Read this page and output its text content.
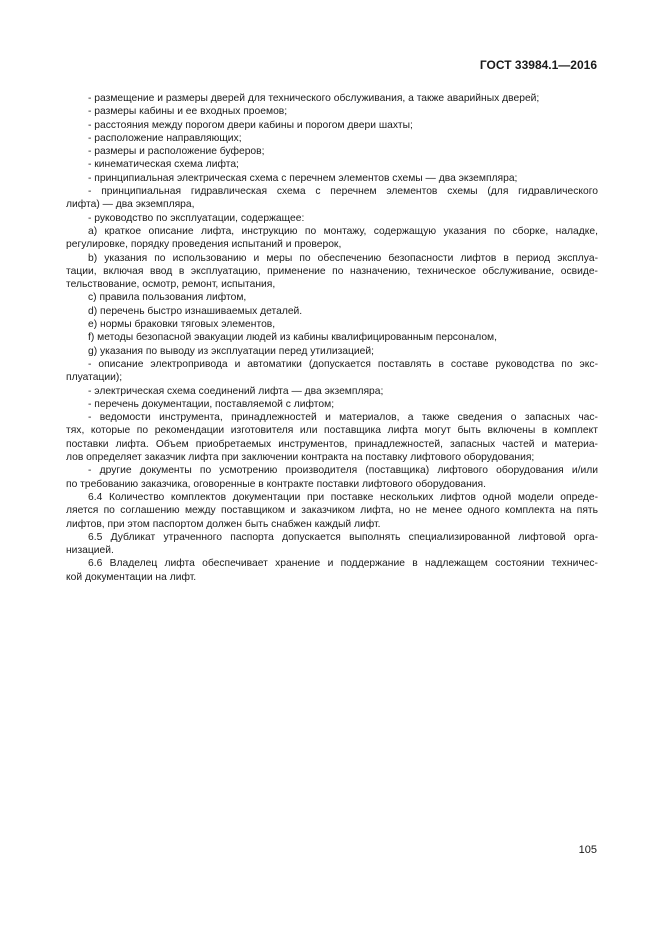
ГОСТ 33984.1—2016
- размещение и размеры дверей для технического обслуживания, а также аварийных дверей;
- размеры кабины и ее входных проемов;
- расстояния между порогом двери кабины и порогом двери шахты;
- расположение направляющих;
- размеры и расположение буферов;
- кинематическая схема лифта;
- принципиальная электрическая схема с перечнем элементов схемы — два экземпляра;
- принципиальная гидравлическая схема с перечнем элементов схемы (для гидравлического
лифта) — два экземпляра,
- руководство по эксплуатации, содержащее:
а) краткое описание лифта, инструкцию по монтажу, содержащую указания по сборке, наладке,
регулировке, порядку проведения испытаний и проверок,
b) указания по использованию и меры по обеспечению безопасности лифтов в период эксплуа-
тации, включая ввод в эксплуатацию, применение по назначению, техническое обслуживание, освиде-
тельствование, осмотр, ремонт, испытания,
c) правила пользования лифтом,
d) перечень быстро изнашиваемых деталей.
e) нормы браковки тяговых элементов,
f) методы безопасной эвакуации людей из кабины квалифицированным персоналом,
g) указания по выводу из эксплуатации перед утилизацией;
- описание электропривода и автоматики (допускается поставлять в составе руководства по экс-
плуатации);
- электрическая схема соединений лифта — два экземпляра;
- перечень документации, поставляемой с лифтом;
- ведомости инструмента, принадлежностей и материалов, а также сведения о запасных час-
тях, которые по рекомендации изготовителя или поставщика лифта могут быть включены в комплект
поставки лифта. Объем приобретаемых инструментов, принадлежностей, запасных частей и материа-
лов определяет заказчик лифта при заключении контракта на поставку лифтового оборудования;
- другие документы по усмотрению производителя (поставщика) лифтового оборудования и/или
по требованию заказчика, оговоренные в контракте поставки лифтового оборудования.
6.4 Количество комплектов документации при поставке нескольких лифтов одной модели опреде-
ляется по соглашению между поставщиком и заказчиком лифта, но не менее одного комплекта на пять
лифтов, при этом паспортом должен быть снабжен каждый лифт.
6.5 Дубликат утраченного паспорта допускается выполнять специализированной лифтовой орга-
низацией.
6.6 Владелец лифта обеспечивает хранение и поддержание в надлежащем состоянии техничес-
кой документации на лифт.
105
